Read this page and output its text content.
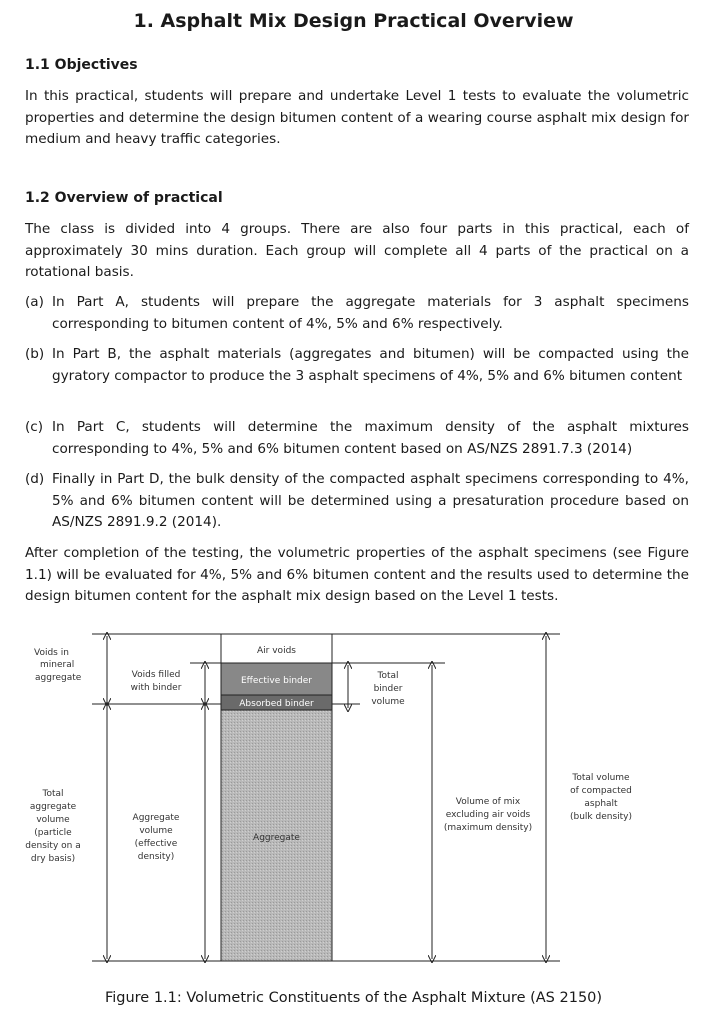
1. Asphalt Mix Design Practical Overview
1.1 Objectives
In this practical, students will prepare and undertake Level 1 tests to evaluate the volumetric properties and determine the design bitumen content of a wearing course asphalt mix design for medium and heavy traffic categories.
1.2 Overview of practical
The class is divided into 4 groups. There are also four parts in this practical, each of approximately 30 mins duration. Each group will complete all 4 parts of the practical on a rotational basis.
(a) In Part A, students will prepare the aggregate materials for 3 asphalt specimens corresponding to bitumen content of 4%, 5% and 6% respectively.
(b) In Part B, the asphalt materials (aggregates and bitumen) will be compacted using the gyratory compactor to produce the 3 asphalt specimens of 4%, 5% and 6% bitumen content
(c) In Part C, students will determine the maximum density of the asphalt mixtures corresponding to 4%, 5% and 6% bitumen content based on AS/NZS 2891.7.3 (2014)
(d) Finally in Part D, the bulk density of the compacted asphalt specimens corresponding to 4%, 5% and 6% bitumen content will be determined using a presaturation procedure based on AS/NZS 2891.9.2 (2014).
After completion of the testing, the volumetric properties of the asphalt specimens (see Figure 1.1) will be evaluated for 4%, 5% and 6% bitumen content and the results used to determine the design bitumen content for the asphalt mix design based on the Level 1 tests.
Air voids
Effective binder
Absorbed binder
Aggregate
Voids in
mineral
aggregate
Total
aggregate
volume
(particle
density on a
dry basis)
Voids filled
with binder
Aggregate
volume
(effective
density)
Total
binder
volume
Volume of mix
excluding air voids
(maximum density)
Total volume
of compacted
asphalt
(bulk density)
Figure 1.1: Volumetric Constituents of the Asphalt Mixture (AS 2150)
